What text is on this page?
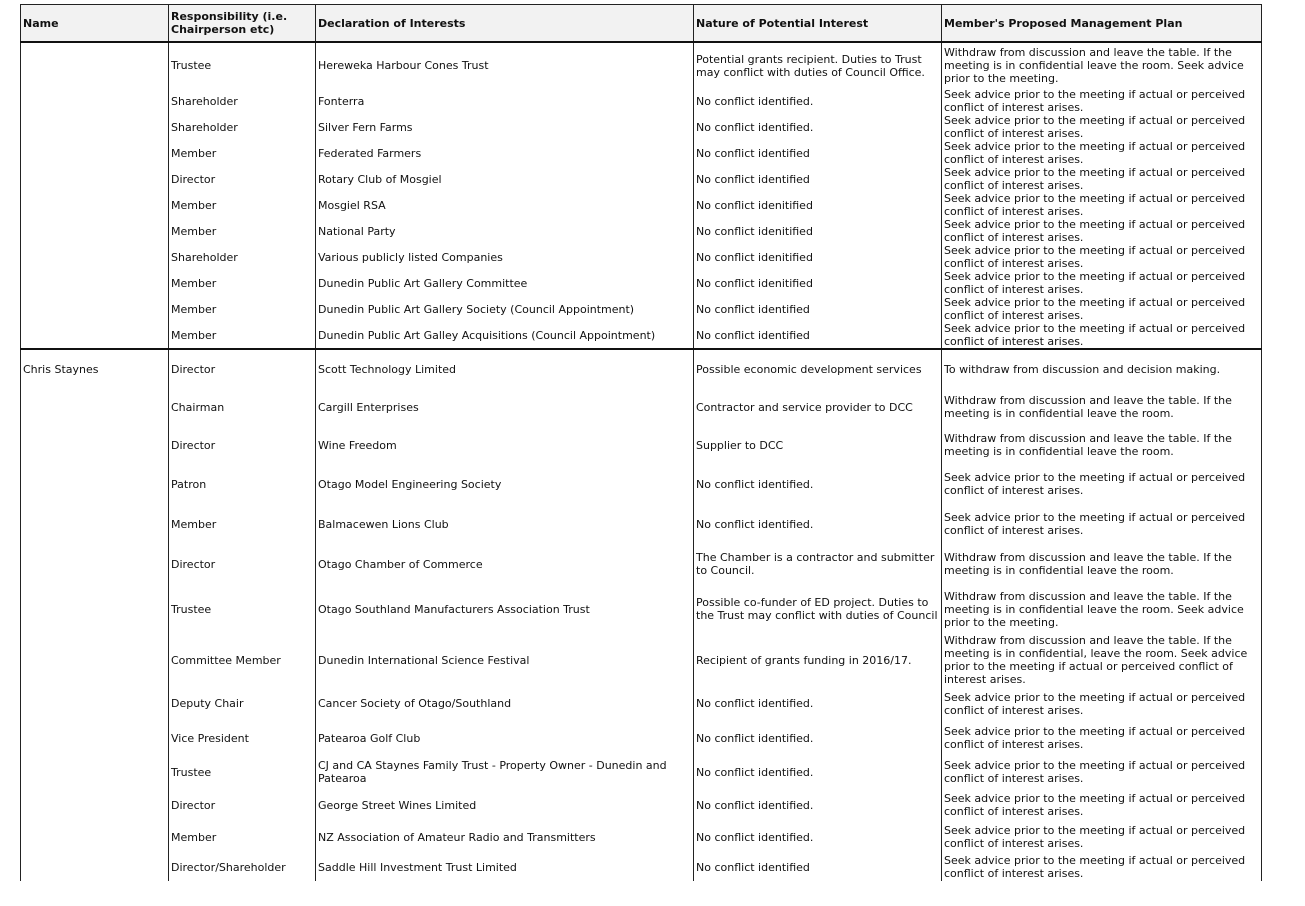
Name	Responsibility (i.e. Chairperson etc)	Declaration of Interests	Nature of Potential Interest	Member's Proposed Management Plan
	Trustee	Hereweka Harbour Cones Trust	Potential grants recipient. Duties to Trust may conflict with duties of Council Office.	Withdraw from discussion and leave the table. If the meeting is in confidential leave the room. Seek advice prior to the meeting.
	Shareholder	Fonterra	No conflict identified.	Seek advice prior to the meeting if actual or perceived conflict of interest arises.
	Shareholder	Silver Fern Farms	No conflict identified.	Seek advice prior to the meeting if actual or perceived conflict of interest arises.
	Member	Federated Farmers	No conflict identified	Seek advice prior to the meeting if actual or perceived conflict of interest arises.
	Director	Rotary Club of Mosgiel	No conflict identified	Seek advice prior to the meeting if actual or perceived conflict of interest arises.
	Member	Mosgiel RSA	No conflict idenitified	Seek advice prior to the meeting if actual or perceived conflict of interest arises.
	Member	National Party	No conflict idenitified	Seek advice prior to the meeting if actual or perceived conflict of interest arises.
	Shareholder	Various publicly listed Companies	No conflict idenitified	Seek advice prior to the meeting if actual or perceived conflict of interest arises.
	Member	Dunedin Public Art Gallery Committee	No conflict idenitified	Seek advice prior to the meeting if actual or perceived conflict of interest arises.
	Member	Dunedin Public Art Gallery Society (Council Appointment)	No conflict identified	Seek advice prior to the meeting if actual or perceived conflict of interest arises.
	Member	Dunedin Public Art Galley Acquisitions (Council Appointment)	No conflict identified	Seek advice prior to the meeting if actual or perceived conflict of interest arises.
Chris Staynes	Director	Scott Technology Limited	Possible economic development services	To withdraw from discussion and decision making.
	Chairman	Cargill Enterprises	Contractor and service provider to DCC	Withdraw from discussion and leave the table. If the meeting is in confidential leave the room.
	Director	Wine Freedom	Supplier to DCC	Withdraw from discussion and leave the table. If the meeting is in confidential leave the room.
	Patron	Otago Model Engineering Society	No conflict identified.	Seek advice prior to the meeting if actual or perceived conflict of interest arises.
	Member	Balmacewen Lions Club	No conflict identified.	Seek advice prior to the meeting if actual or perceived conflict of interest arises.
	Director	Otago Chamber of Commerce	The Chamber is a contractor and submitter to Council.	Withdraw from discussion and leave the table. If the meeting is in confidential leave the room.
	Trustee	Otago Southland Manufacturers Association Trust	Possible co-funder of ED project. Duties to the Trust may conflict with duties of Council	Withdraw from discussion and leave the table. If the meeting is in confidential leave the room. Seek advice prior to the meeting.
	Committee Member	Dunedin International Science Festival	Recipient of grants funding in 2016/17.	Withdraw from discussion and leave the table. If the meeting is in confidential, leave the room. Seek advice prior to the meeting if actual or perceived conflict of interest arises.
	Deputy Chair	Cancer Society of Otago/Southland	No conflict identified.	Seek advice prior to the meeting if actual or perceived conflict of interest arises.
	Vice President	Patearoa Golf Club	No conflict identified.	Seek advice prior to the meeting if actual or perceived conflict of interest arises.
	Trustee	CJ and CA Staynes Family Trust - Property Owner - Dunedin and Patearoa	No conflict identified.	Seek advice prior to the meeting if actual or perceived conflict of interest arises.
	Director	George Street Wines Limited	No conflict identified.	Seek advice prior to the meeting if actual or perceived conflict of interest arises.
	Member	NZ Association of Amateur Radio and Transmitters	No conflict identified.	Seek advice prior to the meeting if actual or perceived conflict of interest arises.
	Director/Shareholder	Saddle Hill Investment Trust Limited	No conflict identified	Seek advice prior to the meeting if actual or perceived conflict of interest arises.
